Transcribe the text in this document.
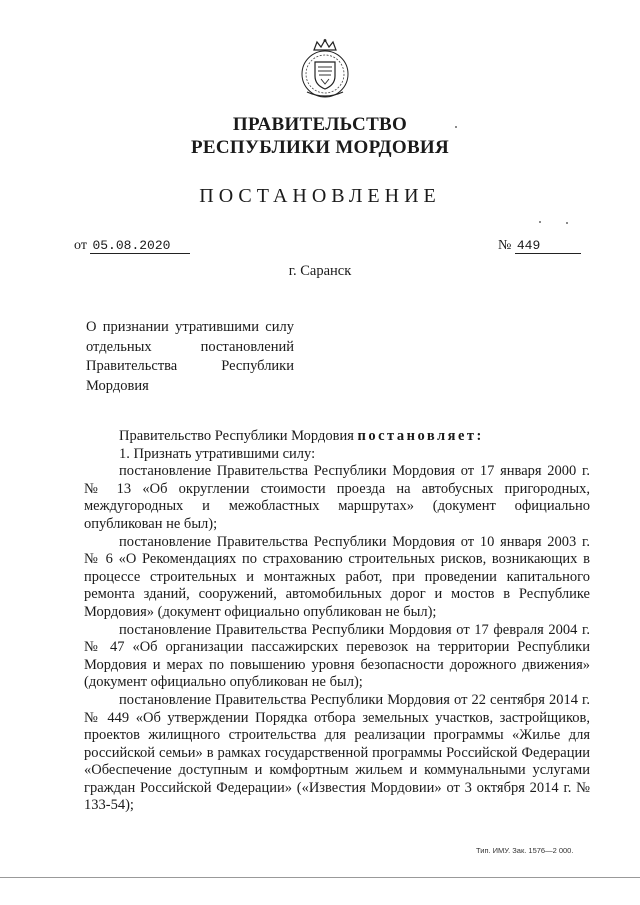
ПРАВИТЕЛЬСТВО
РЕСПУБЛИКИ МОРДОВИЯ
ПОСТАНОВЛЕНИЕ
от 05.08.2020	№ 449
г. Саранск
О признании утратившими силу отдельных постановлений Правительства Республики Мордовия

Правительство Республики Мордовия постановляет:

1. Признать утратившими силу:

постановление Правительства Республики Мордовия от 17 января 2000 г. № 13 «Об округлении стоимости проезда на автобусных пригородных, междугородных и межобластных маршрутах» (документ официально опубликован не был);

постановление Правительства Республики Мордовия от 10 января 2003 г. № 6 «О Рекомендациях по страхованию строительных рисков, возникающих в процессе строительных и монтажных работ, при проведении капитального ремонта зданий, сооружений, автомобильных дорог и мостов в Республике Мордовия» (документ официально опубликован не был);

постановление Правительства Республики Мордовия от 17 февраля 2004 г. № 47 «Об организации пассажирских перевозок на территории Республики Мордовия и мерах по повышению уровня безопасности дорожного движения» (документ официально опубликован не был);

постановление Правительства Республики Мордовия от 22 сентября 2014 г. № 449 «Об утверждении Порядка отбора земельных участков, застройщиков, проектов жилищного строительства для реализации программы «Жилье для российской семьи» в рамках государственной программы Российской Федерации «Обеспечение доступным и комфортным жильем и коммунальными услугами граждан Российской Федерации» («Известия Мордовии» от 3 октября 2014 г. № 133-54);

Тип. ИМУ. Зак. 1576—2 000.
